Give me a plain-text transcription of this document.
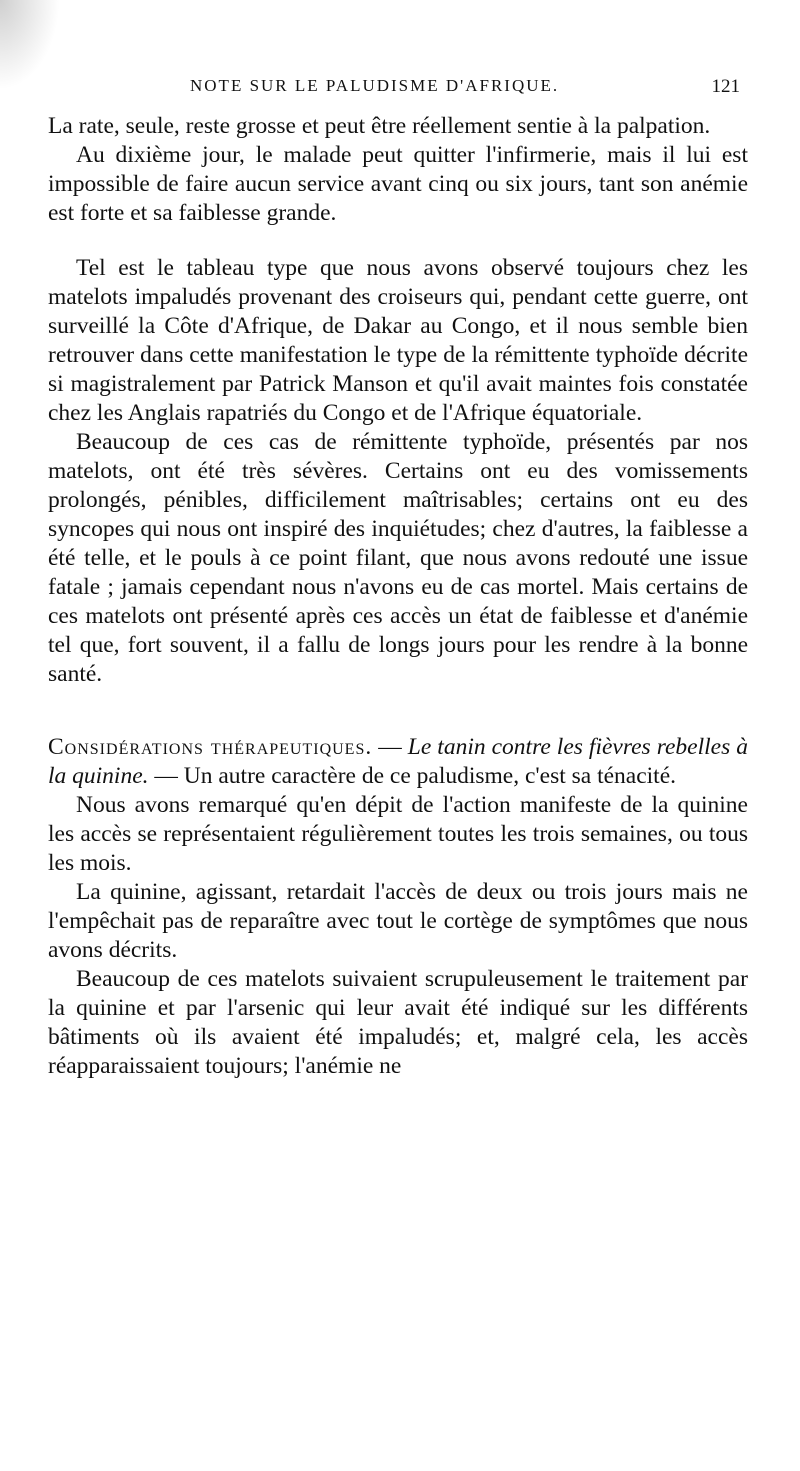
NOTE SUR LE PALUDISME D'AFRIQUE.	121

La rate, seule, reste grosse et peut être réellement sentie à la palpation.

Au dixième jour, le malade peut quitter l'infirmerie, mais il lui est impossible de faire aucun service avant cinq ou six jours, tant son anémie est forte et sa faiblesse grande.

Tel est le tableau type que nous avons observé toujours chez les matelots impaludés provenant des croiseurs qui, pendant cette guerre, ont surveillé la Côte d'Afrique, de Dakar au Congo, et il nous semble bien retrouver dans cette manifestation le type de la rémittente typhoïde décrite si magistralement par Patrick Manson et qu'il avait maintes fois constatée chez les Anglais rapatriés du Congo et de l'Afrique équatoriale.

Beaucoup de ces cas de rémittente typhoïde, présentés par nos matelots, ont été très sévères. Certains ont eu des vomissements prolongés, pénibles, difficilement maîtrisables; certains ont eu des syncopes qui nous ont inspiré des inquiétudes; chez d'autres, la faiblesse a été telle, et le pouls à ce point filant, que nous avons redouté une issue fatale ; jamais cependant nous n'avons eu de cas mortel. Mais certains de ces matelots ont présenté après ces accès un état de faiblesse et d'anémie tel que, fort souvent, il a fallu de longs jours pour les rendre à la bonne santé.

Considérations thérapeutiques. — Le tanin contre les fièvres rebelles à la quinine. — Un autre caractère de ce paludisme, c'est sa ténacité.

Nous avons remarqué qu'en dépit de l'action manifeste de la quinine les accès se représentaient régulièrement toutes les trois semaines, ou tous les mois.

La quinine, agissant, retardait l'accès de deux ou trois jours mais ne l'empêchait pas de reparaître avec tout le cortège de symptômes que nous avons décrits.

Beaucoup de ces matelots suivaient scrupuleusement le traitement par la quinine et par l'arsenic qui leur avait été indiqué sur les différents bâtiments où ils avaient été impaludés; et, malgré cela, les accès réapparaissaient toujours; l'anémie ne
